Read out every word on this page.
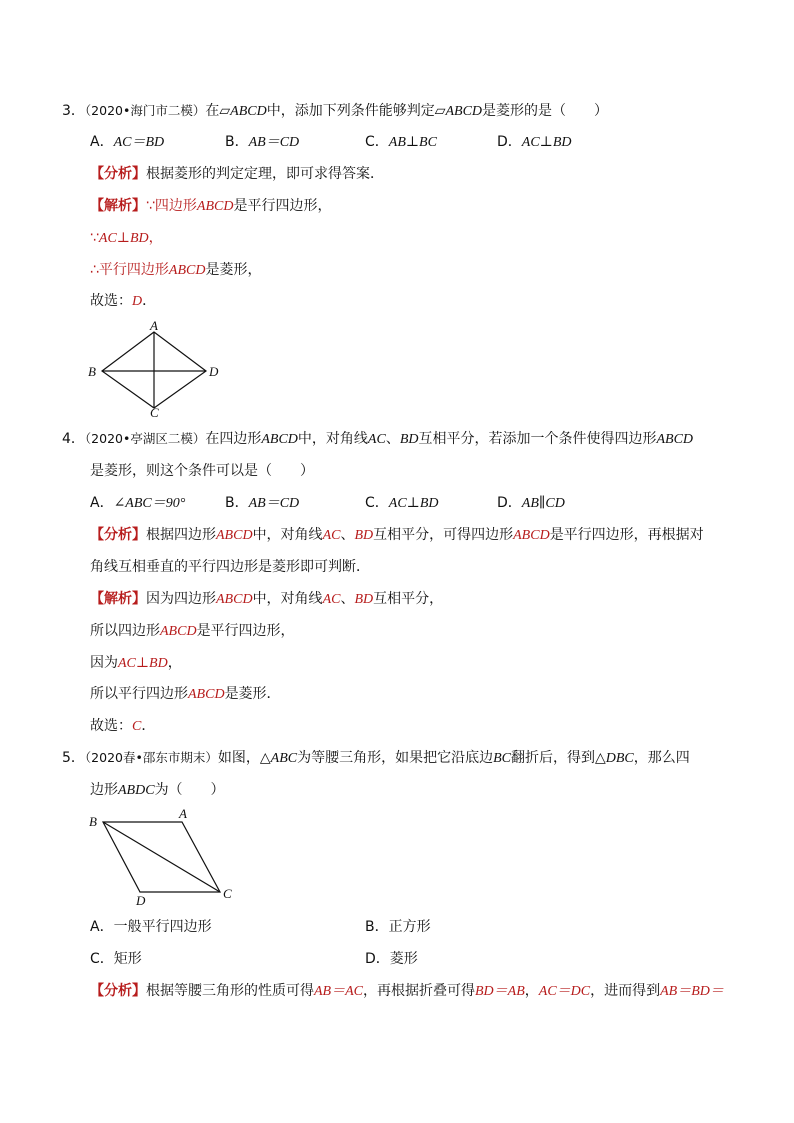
3．（2020•海门市二模）在▱ABCD中，添加下列条件能够判定▱ABCD是菱形的是（　　）
A．AC＝BD	B．AB＝CD	C．AB⊥BC	D．AC⊥BD
【分析】根据菱形的判定定理，即可求得答案．
【解析】∵四边形ABCD是平行四边形，
∵AC⊥BD，
∴平行四边形ABCD是菱形，
故选：D．
A
B
C
D
4．（2020•亭湖区二模）在四边形ABCD中，对角线AC、BD互相平分，若添加一个条件使得四边形ABCD
是菱形，则这个条件可以是（　　）
A．∠ABC＝90°	B．AB＝CD	C．AC⊥BD	D．AB∥CD
【分析】根据四边形ABCD中，对角线AC、BD互相平分，可得四边形ABCD是平行四边形，再根据对
角线互相垂直的平行四边形是菱形即可判断．
【解析】因为四边形ABCD中，对角线AC、BD互相平分，
所以四边形ABCD是平行四边形，
因为AC⊥BD，
所以平行四边形ABCD是菱形．
故选：C．
5．（2020春•邵东市期末）如图，△ABC为等腰三角形，如果把它沿底边BC翻折后，得到△DBC，那么四
边形ABDC为（　　）
B
A
C
D
A．一般平行四边形	B．正方形
C．矩形	D．菱形
【分析】根据等腰三角形的性质可得AB＝AC，再根据折叠可得BD＝AB，AC＝DC，进而得到AB＝BD＝
